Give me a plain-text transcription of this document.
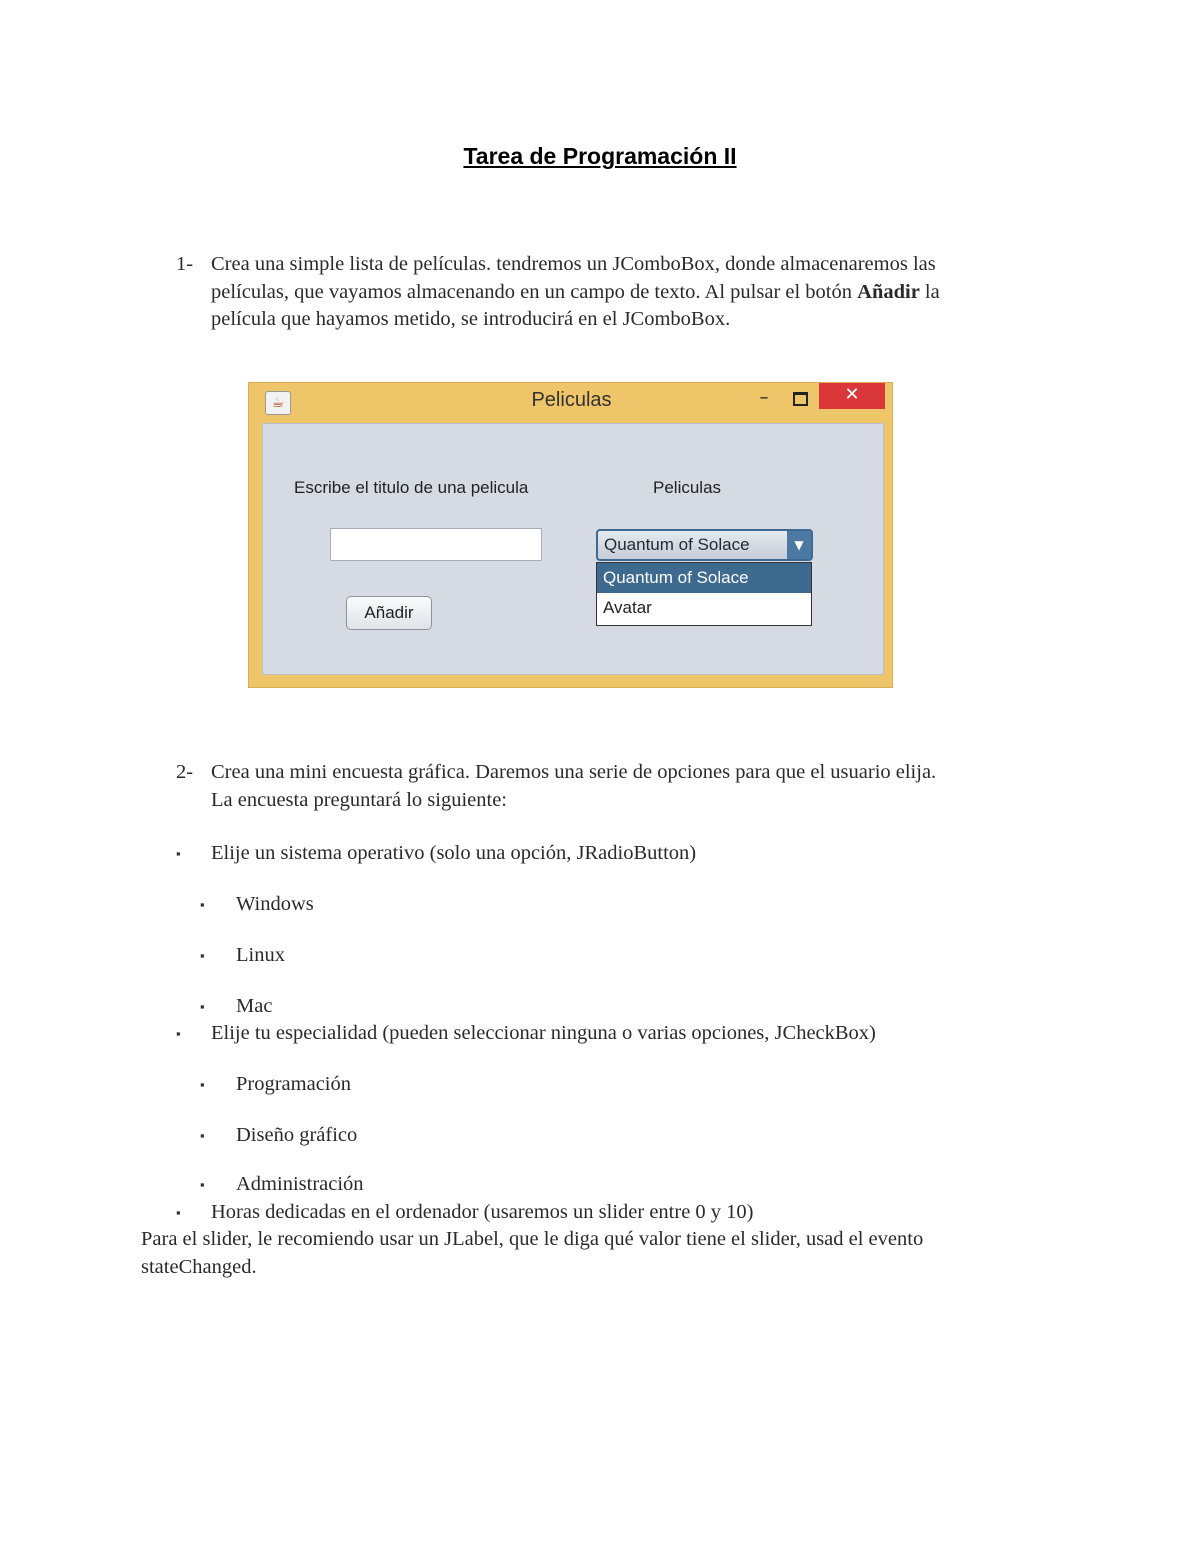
Tarea de Programación II
1- Crea una simple lista de películas. tendremos un JComboBox, donde almacenaremos las
películas, que vayamos almacenando en un campo de texto. Al pulsar el botón Añadir la
película que hayamos metido, se introducirá en el JComboBox.
☕	Peliculas	–	✕
Escribe el titulo de una pelicula	Peliculas
Añadir
Quantum of Solace	▼
Quantum of Solace
Avatar
2- Crea una mini encuesta gráfica. Daremos una serie de opciones para que el usuario elija.
La encuesta preguntará lo siguiente:
▪ Elije un sistema operativo (solo una opción, JRadioButton)
▪ Windows
▪ Linux
▪ Mac
▪ Elije tu especialidad (pueden seleccionar ninguna o varias opciones, JCheckBox)
▪ Programación
▪ Diseño gráfico
▪ Administración
▪ Horas dedicadas en el ordenador (usaremos un slider entre 0 y 10)
Para el slider, le recomiendo usar un JLabel, que le diga qué valor tiene el slider, usad el evento
stateChanged.
